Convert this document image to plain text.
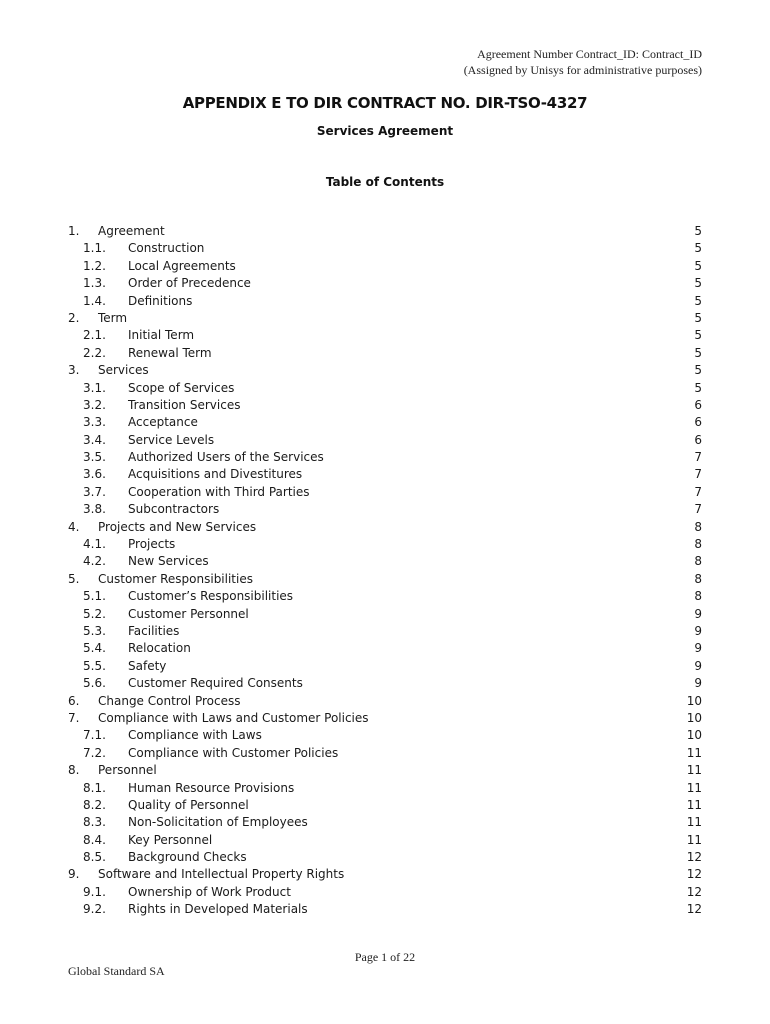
Agreement Number Contract_ID: Contract_ID
(Assigned by Unisys for administrative purposes)
APPENDIX E TO DIR CONTRACT NO. DIR-TSO-4327
Services Agreement
Table of Contents
1. Agreement	5
1.1. Construction	5
1.2. Local Agreements	5
1.3. Order of Precedence	5
1.4. Definitions	5
2. Term	5
2.1. Initial Term	5
2.2. Renewal Term	5
3. Services	5
3.1. Scope of Services	5
3.2. Transition Services	6
3.3. Acceptance	6
3.4. Service Levels	6
3.5. Authorized Users of the Services	7
3.6. Acquisitions and Divestitures	7
3.7. Cooperation with Third Parties	7
3.8. Subcontractors	7
4. Projects and New Services	8
4.1. Projects	8
4.2. New Services	8
5. Customer Responsibilities	8
5.1. Customer’s Responsibilities	8
5.2. Customer Personnel	9
5.3. Facilities	9
5.4. Relocation	9
5.5. Safety	9
5.6. Customer Required Consents	9
6. Change Control Process	10
7. Compliance with Laws and Customer Policies	10
7.1. Compliance with Laws	10
7.2. Compliance with Customer Policies	11
8. Personnel	11
8.1. Human Resource Provisions	11
8.2. Quality of Personnel	11
8.3. Non-Solicitation of Employees	11
8.4. Key Personnel	11
8.5. Background Checks	12
9. Software and Intellectual Property Rights	12
9.1. Ownership of Work Product	12
9.2. Rights in Developed Materials	12
Page 1 of 22
Global Standard SA
